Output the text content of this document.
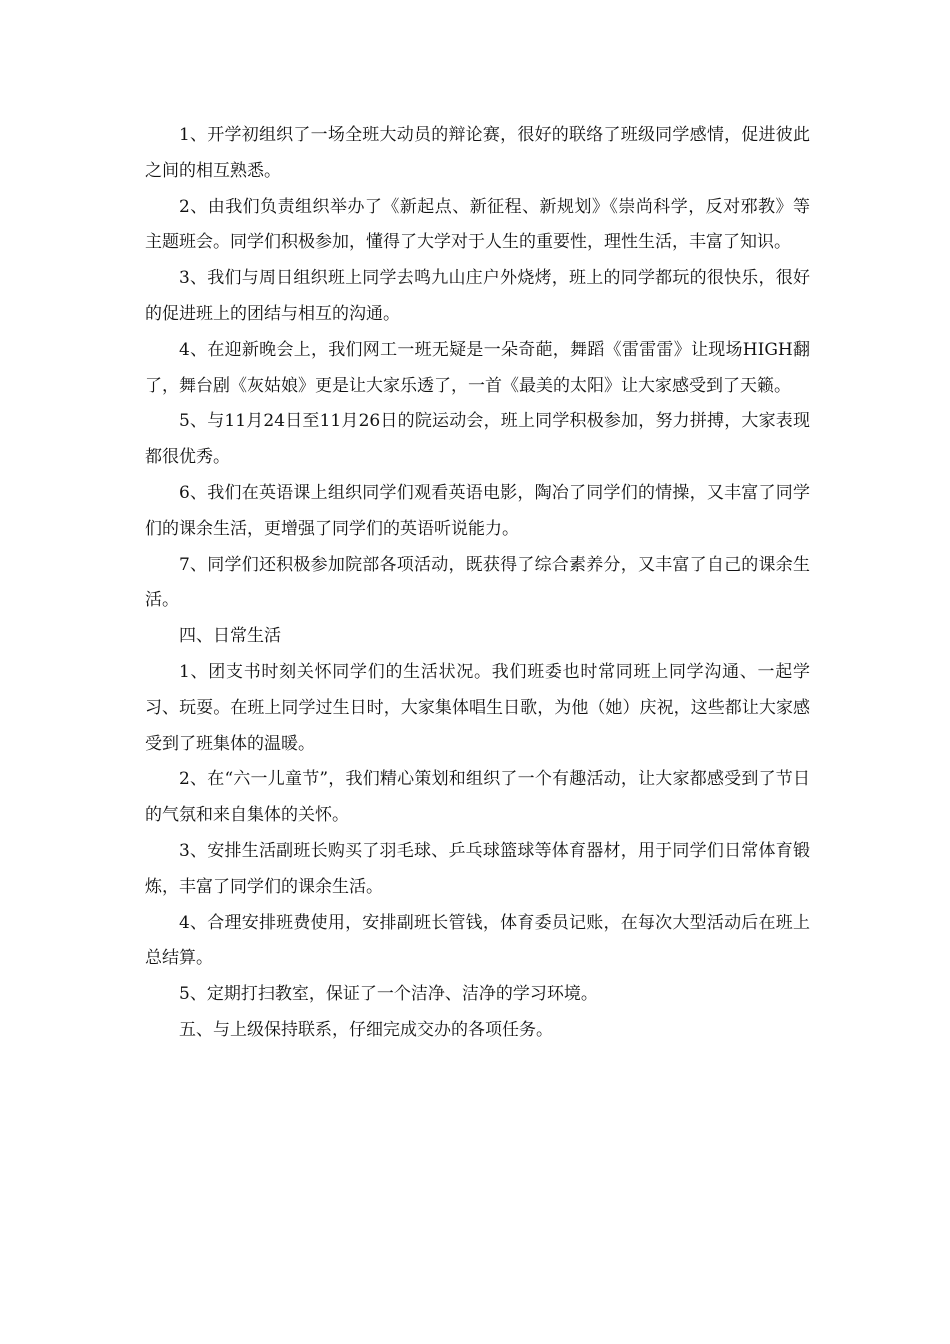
1、开学初组织了一场全班大动员的辩论赛，很好的联络了班级同学感情，促进彼此之间的相互熟悉。

2、由我们负责组织举办了《新起点、新征程、新规划》《崇尚科学，反对邪教》等主题班会。同学们积极参加，懂得了大学对于人生的重要性，理性生活，丰富了知识。

3、我们与周日组织班上同学去鸣九山庄户外烧烤，班上的同学都玩的很快乐，很好的促进班上的团结与相互的沟通。

4、在迎新晚会上，我们网工一班无疑是一朵奇葩，舞蹈《雷雷雷》让现场HIGH翻了，舞台剧《灰姑娘》更是让大家乐透了，一首《最美的太阳》让大家感受到了天籁。

5、与11月24日至11月26日的院运动会，班上同学积极参加，努力拼搏，大家表现都很优秀。

6、我们在英语课上组织同学们观看英语电影，陶冶了同学们的情操，又丰富了同学们的课余生活，更增强了同学们的英语听说能力。

7、同学们还积极参加院部各项活动，既获得了综合素养分，又丰富了自己的课余生活。

四、日常生活

1、团支书时刻关怀同学们的生活状况。我们班委也时常同班上同学沟通、一起学习、玩耍。在班上同学过生日时，大家集体唱生日歌，为他（她）庆祝，这些都让大家感受到了班集体的温暖。

2、在“六一儿童节”，我们精心策划和组织了一个有趣活动，让大家都感受到了节日的气氛和来自集体的关怀。

3、安排生活副班长购买了羽毛球、乒乓球篮球等体育器材，用于同学们日常体育锻炼，丰富了同学们的课余生活。

4、合理安排班费使用，安排副班长管钱，体育委员记账，在每次大型活动后在班上总结算。

5、定期打扫教室，保证了一个洁净、洁净的学习环境。

五、与上级保持联系，仔细完成交办的各项任务。
